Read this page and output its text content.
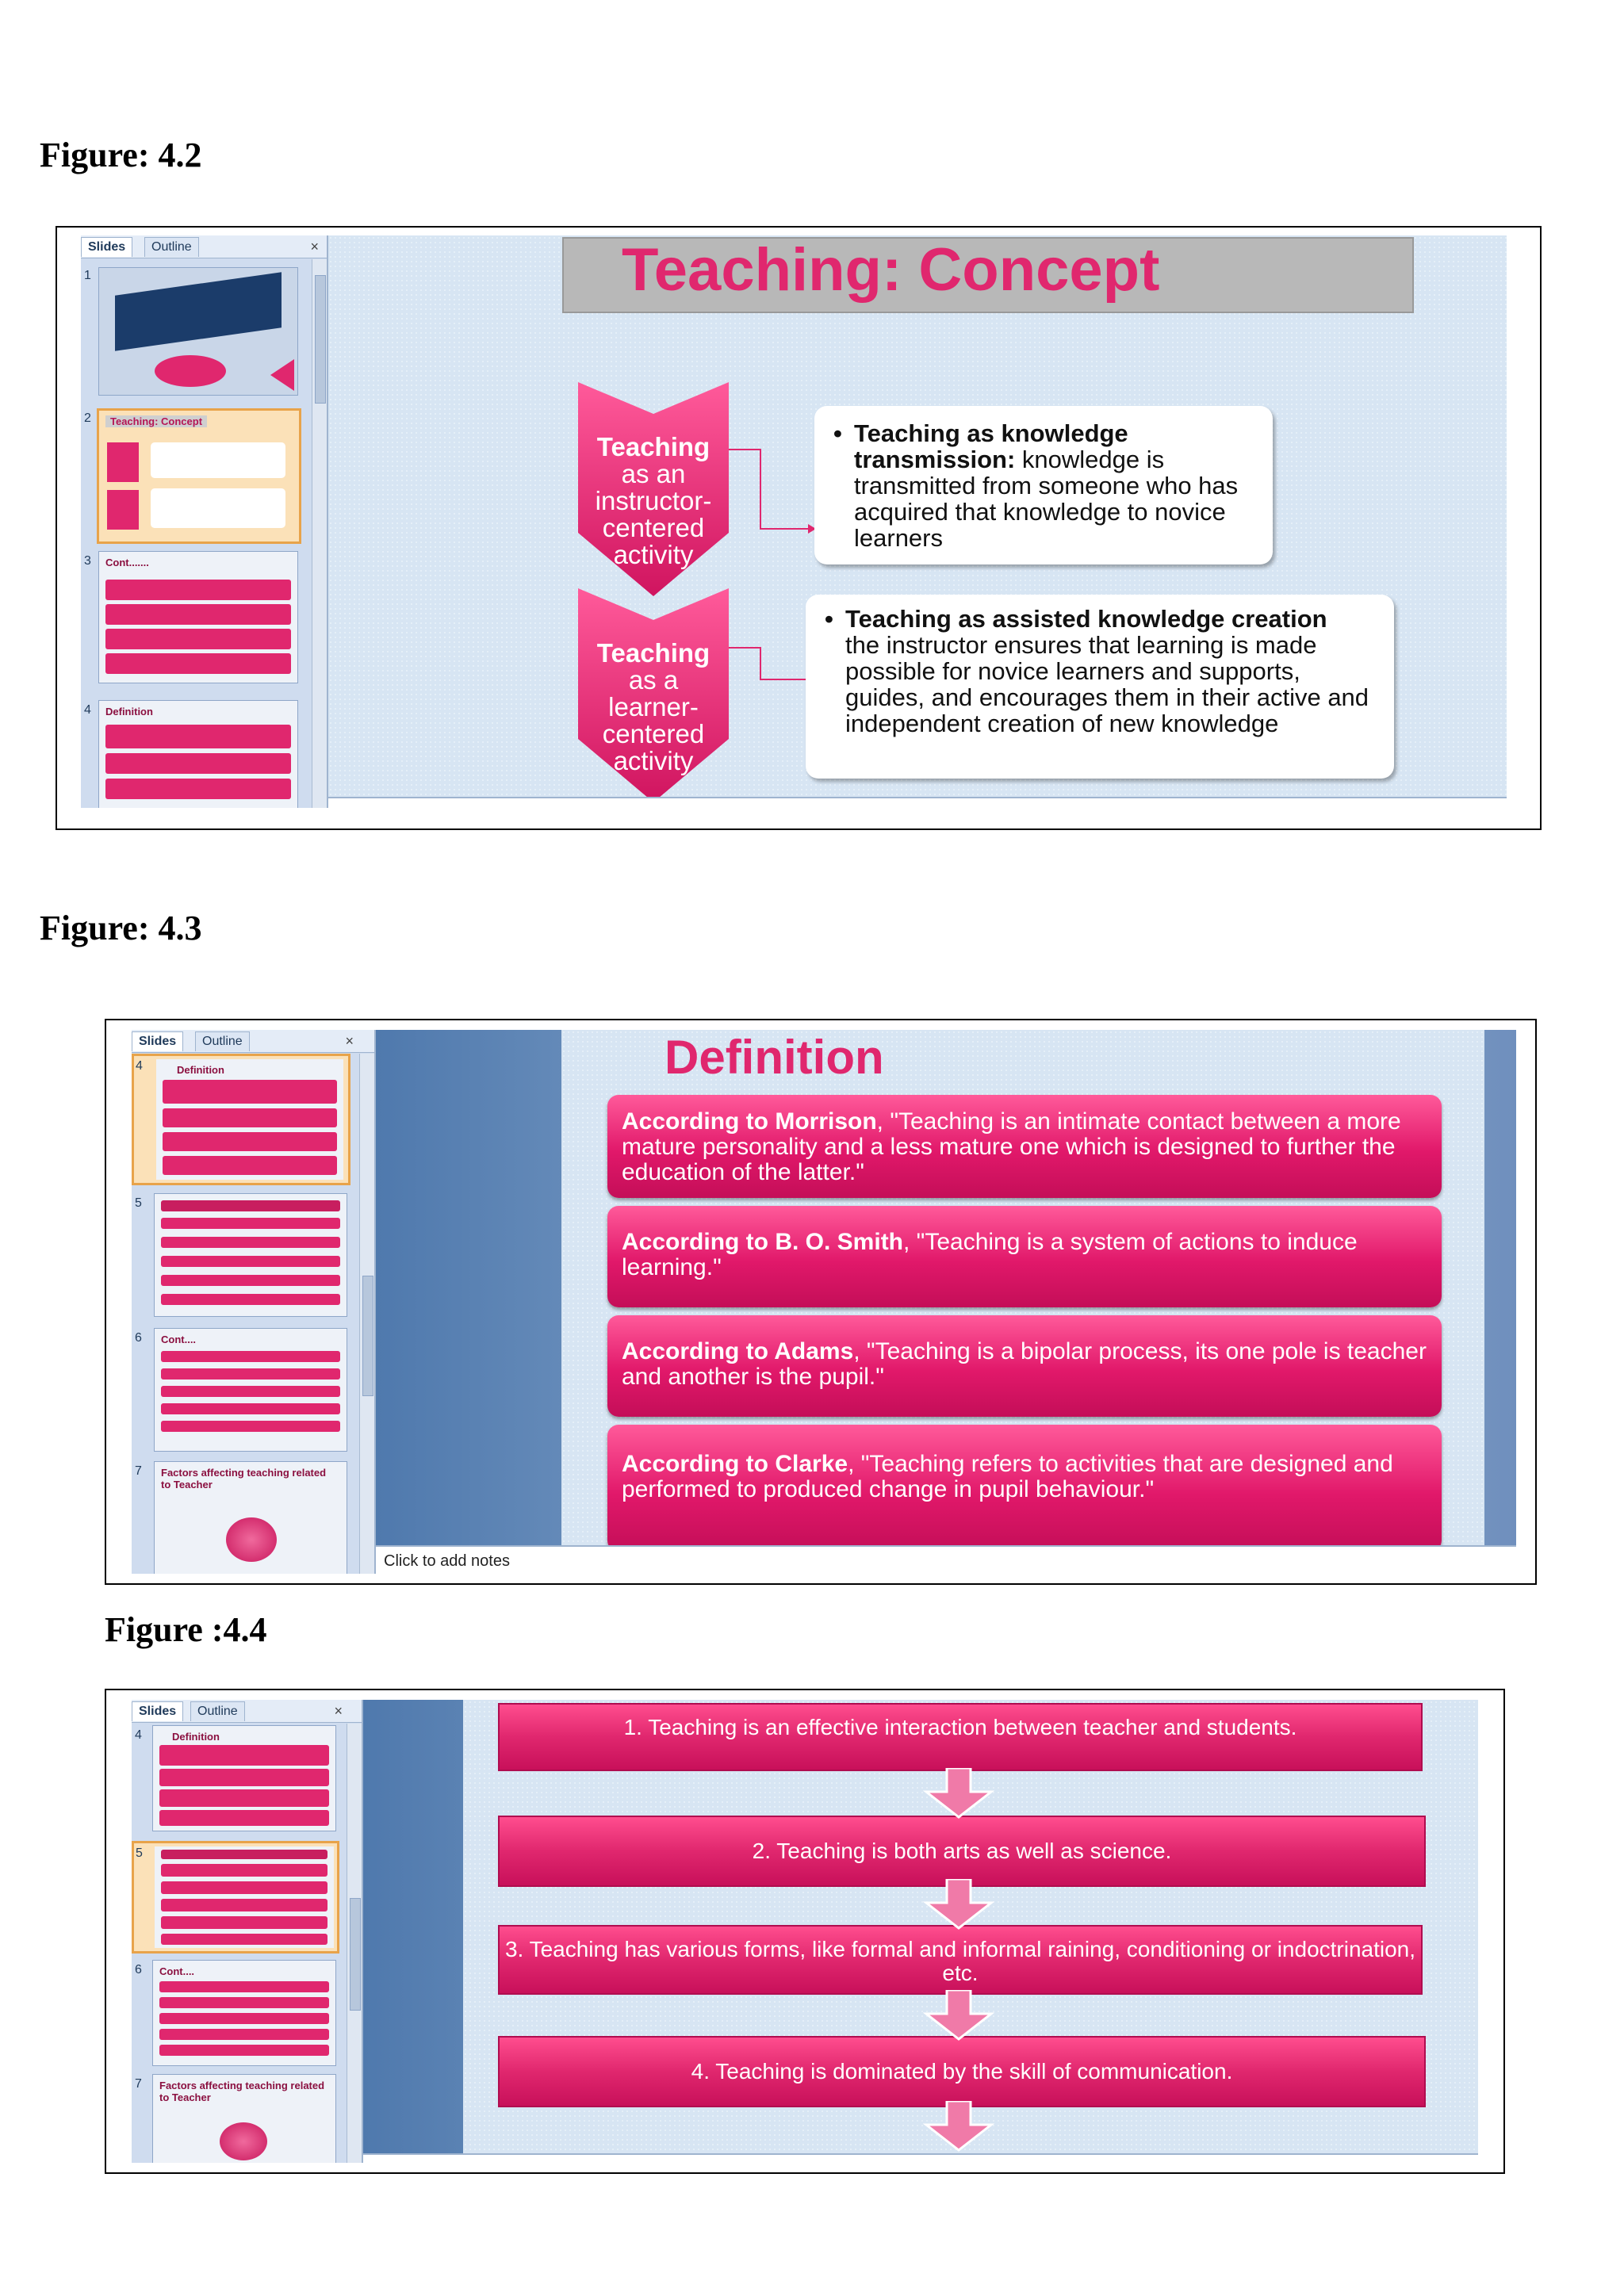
Figure: 4.2
Slides	Outline	×
1
2	Teaching: Concept
3 Cont.......
4 Definition
Teaching: Concept
Teaching as an instructor-centered activity
Teaching as a learner-centered activity
• Teaching as knowledge transmission: knowledge is transmitted from someone who has acquired that knowledge to novice learners
• Teaching as assisted knowledge creation
the instructor ensures that learning is made possible for novice learners and supports, guides, and encourages them in their active and independent creation of new knowledge
Figure: 4.3
Slides	Outline	×
4	Definition
5
6 Cont....
7 Factors affecting teaching related to Teacher
Definition
According to Morrison, "Teaching is an intimate contact between a more mature personality and a less mature one which is designed to further the education of the latter."
According to B. O. Smith, "Teaching is a system of actions to induce learning."
According to Adams, "Teaching is a bipolar process, its one pole is teacher and another is the pupil."
According to Clarke, "Teaching refers to activities that are designed and performed to produced change in pupil behaviour."
Click to add notes
Figure :4.4
Slides	Outline	×
4	Definition
5
6 Cont....
7 Factors affecting teaching related to Teacher
1. Teaching is an effective interaction between teacher and students.
2. Teaching is both arts as well as science.
3. Teaching has various forms, like formal and informal raining, conditioning or indoctrination, etc.
4. Teaching is dominated by the skill of communication.
